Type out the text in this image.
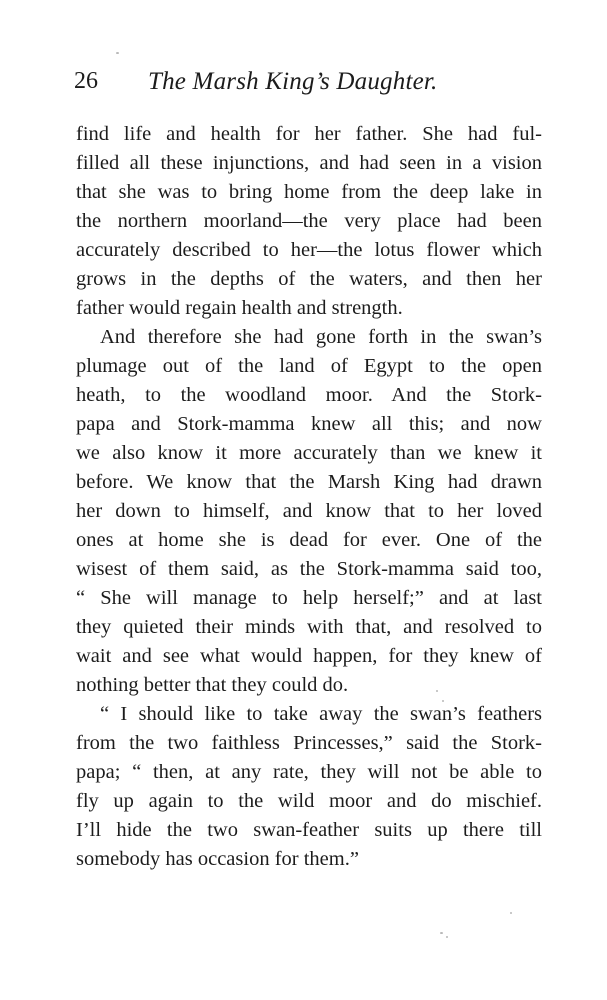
26 The Marsh King’s Daughter.
find life and health for her father. She had ful-
filled all these injunctions, and had seen in a vision
that she was to bring home from the deep lake in
the northern moorland—the very place had been
accurately described to her—the lotus flower which
grows in the depths of the waters, and then her
father would regain health and strength.
And therefore she had gone forth in the swan’s
plumage out of the land of Egypt to the open
heath, to the woodland moor. And the Stork-
papa and Stork-mamma knew all this; and now
we also know it more accurately than we knew it
before. We know that the Marsh King had drawn
her down to himself, and know that to her loved
ones at home she is dead for ever. One of the
wisest of them said, as the Stork-mamma said too,
“ She will manage to help herself;” and at last
they quieted their minds with that, and resolved to
wait and see what would happen, for they knew of
nothing better that they could do.
“ I should like to take away the swan’s feathers
from the two faithless Princesses,” said the Stork-
papa; “ then, at any rate, they will not be able to
fly up again to the wild moor and do mischief.
I’ll hide the two swan-feather suits up there till
somebody has occasion for them.”
